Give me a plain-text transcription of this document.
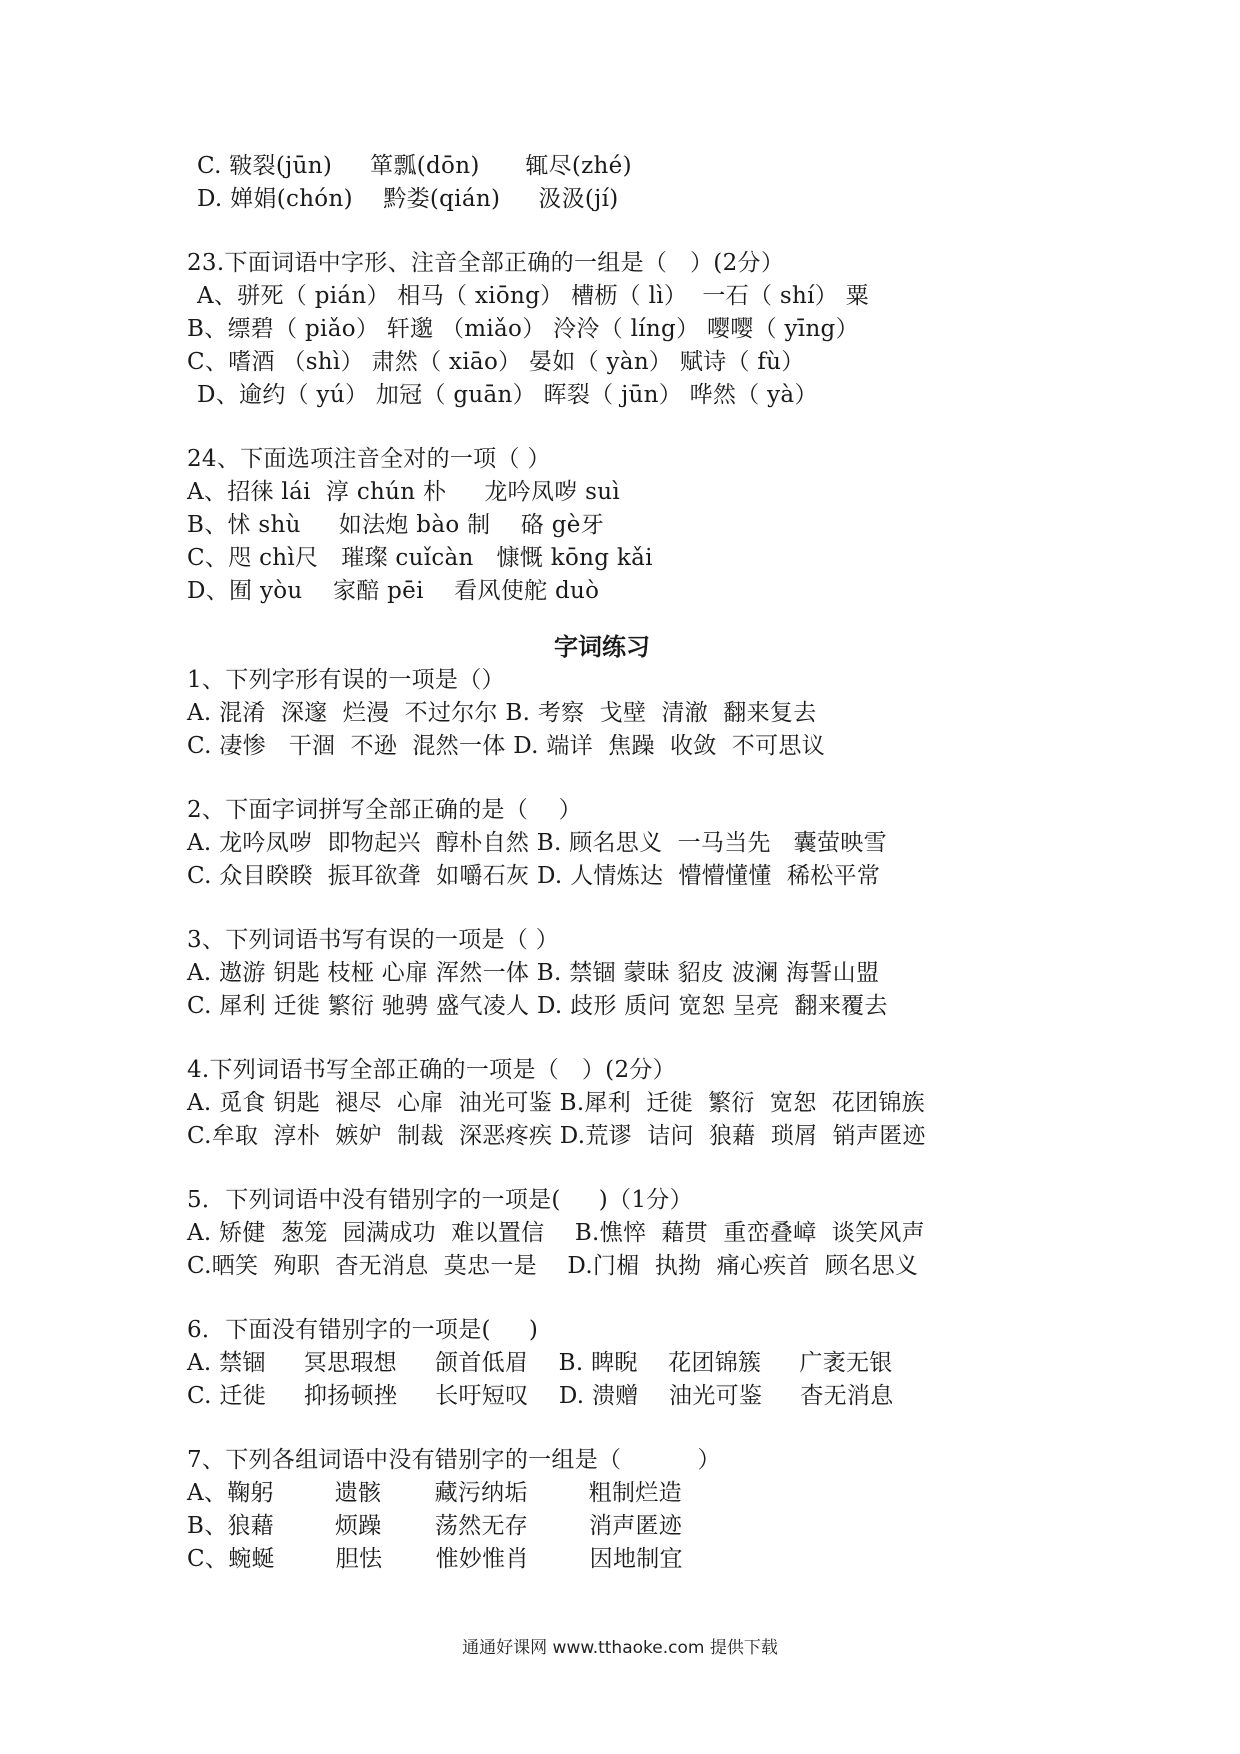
C. 皲裂(jūn)     箪瓢(dōn)      辄尽(zhé)
D. 婵娟(chón)    黔娄(qián)     汲汲(jí)
23.下面词语中字形、注音全部正确的一组是（   ）(2分）
A、骈死（ pián） 相马（ xiōng） 槽枥（ lì）  一石（ shí） 粟
B、缥碧（ piǎo） 轩邈 （miǎo） 泠泠（ líng） 嘤嘤（ yīng）
C、嗜酒 （shì） 肃然（ xiāo） 晏如（ yàn） 赋诗（ fù）
D、逾约（ yú） 加冠（ guān） 晖裂（ jūn） 哗然（ yà）
24、下面选项注音全对的一项（ ）
A、招徕 lái  淳 chún 朴     龙吟凤哕 suì
B、怵 shù     如法炮 bào 制    硌 gè牙
C、咫 chì尺   璀璨 cuǐcàn   慷慨 kōng kǎi
D、囿 yòu    家醅 pēi    看风使舵 duò
字词练习
1、下列字形有误的一项是（）
A. 混淆  深邃  烂漫  不过尔尔 B. 考察  戈壁  清澈  翻来复去
C. 凄惨   干涸  不逊  混然一体 D. 端详  焦躁  收敛  不可思议
2、下面字词拼写全部正确的是（    ）
A. 龙吟凤哕  即物起兴  醇朴自然 B. 顾名思义  一马当先   囊萤映雪
C. 众目睽睽  振耳欲聋  如嚼石灰 D. 人情炼达  懵懵懂懂  稀松平常
3、下列词语书写有误的一项是（ ）
A. 遨游 钥匙 枝桠 心扉 浑然一体 B. 禁锢 蒙昧 貂皮 波澜 海誓山盟
C. 犀利 迁徙 繁衍 驰骋 盛气凌人 D. 歧形 质问 宽恕 呈亮  翻来覆去
4.下列词语书写全部正确的一项是（   ）(2分）
A. 觅食 钥匙  褪尽  心扉  油光可鉴 B.犀利  迁徙  繁衍  宽恕  花团锦族
C.牟取  淳朴  嫉妒  制裁  深恶疼疾 D.荒谬  诘问  狼藉  琐屑  销声匿迹
5．下列词语中没有错别字的一项是(     )（1分）
A. 矫健  葱笼  园满成功  难以置信    B.憔悴  藉贯  重峦叠嶂  谈笑风声
C.晒笑  殉职  杳无消息  莫忠一是    D.门楣  执拗  痛心疾首  顾名思义
6．下面没有错别字的一项是(     )
A. 禁锢     冥思瑕想     颌首低眉    B. 睥睨    花团锦簇     广袤无银
C. 迁徙     抑扬顿挫     长吁短叹    D. 溃赠    油光可鉴     杳无消息
7、下列各组词语中没有错别字的一组是（          ）
A、鞠躬        遗骸       藏污纳垢        粗制烂造
B、狼藉        烦躁       荡然无存        消声匿迹
C、蜿蜒        胆怯       惟妙惟肖        因地制宜
通通好课网 www.tthaoke.com 提供下载
